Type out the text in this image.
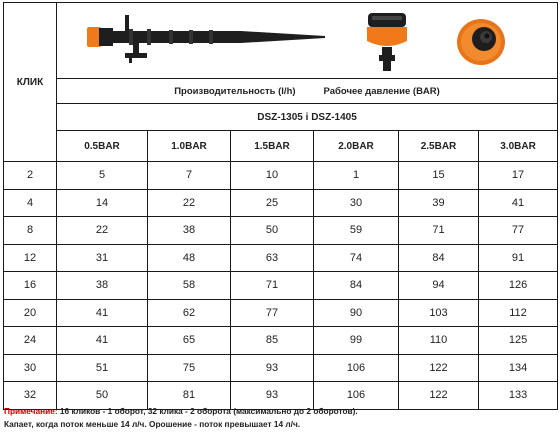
КЛИК	

	Производительность (l/h) Рабочее давление (BAR)					

	DSZ-1305 i DSZ-1405					
	0.5BAR	1.0BAR	1.5BAR	2.0BAR	2.5BAR	3.0BAR
2	5	7	10	1	15	17
4	14	22	25	30	39	41
8	22	38	50	59	71	77
12	31	48	63	74	84	91
16	38	58	71	84	94	126
20	41	62	77	90	103	112
24	41	65	85	99	110	125
30	51	75	93	106	122	134
32	50	81	93	106	122	133
Примечание: 16 кликов - 1 оборот, 32 клика - 2 оборота (максимально до 2 оборотов).
Капает, когда поток меньше 14 л/ч. Орошение - поток превышает 14 л/ч.
